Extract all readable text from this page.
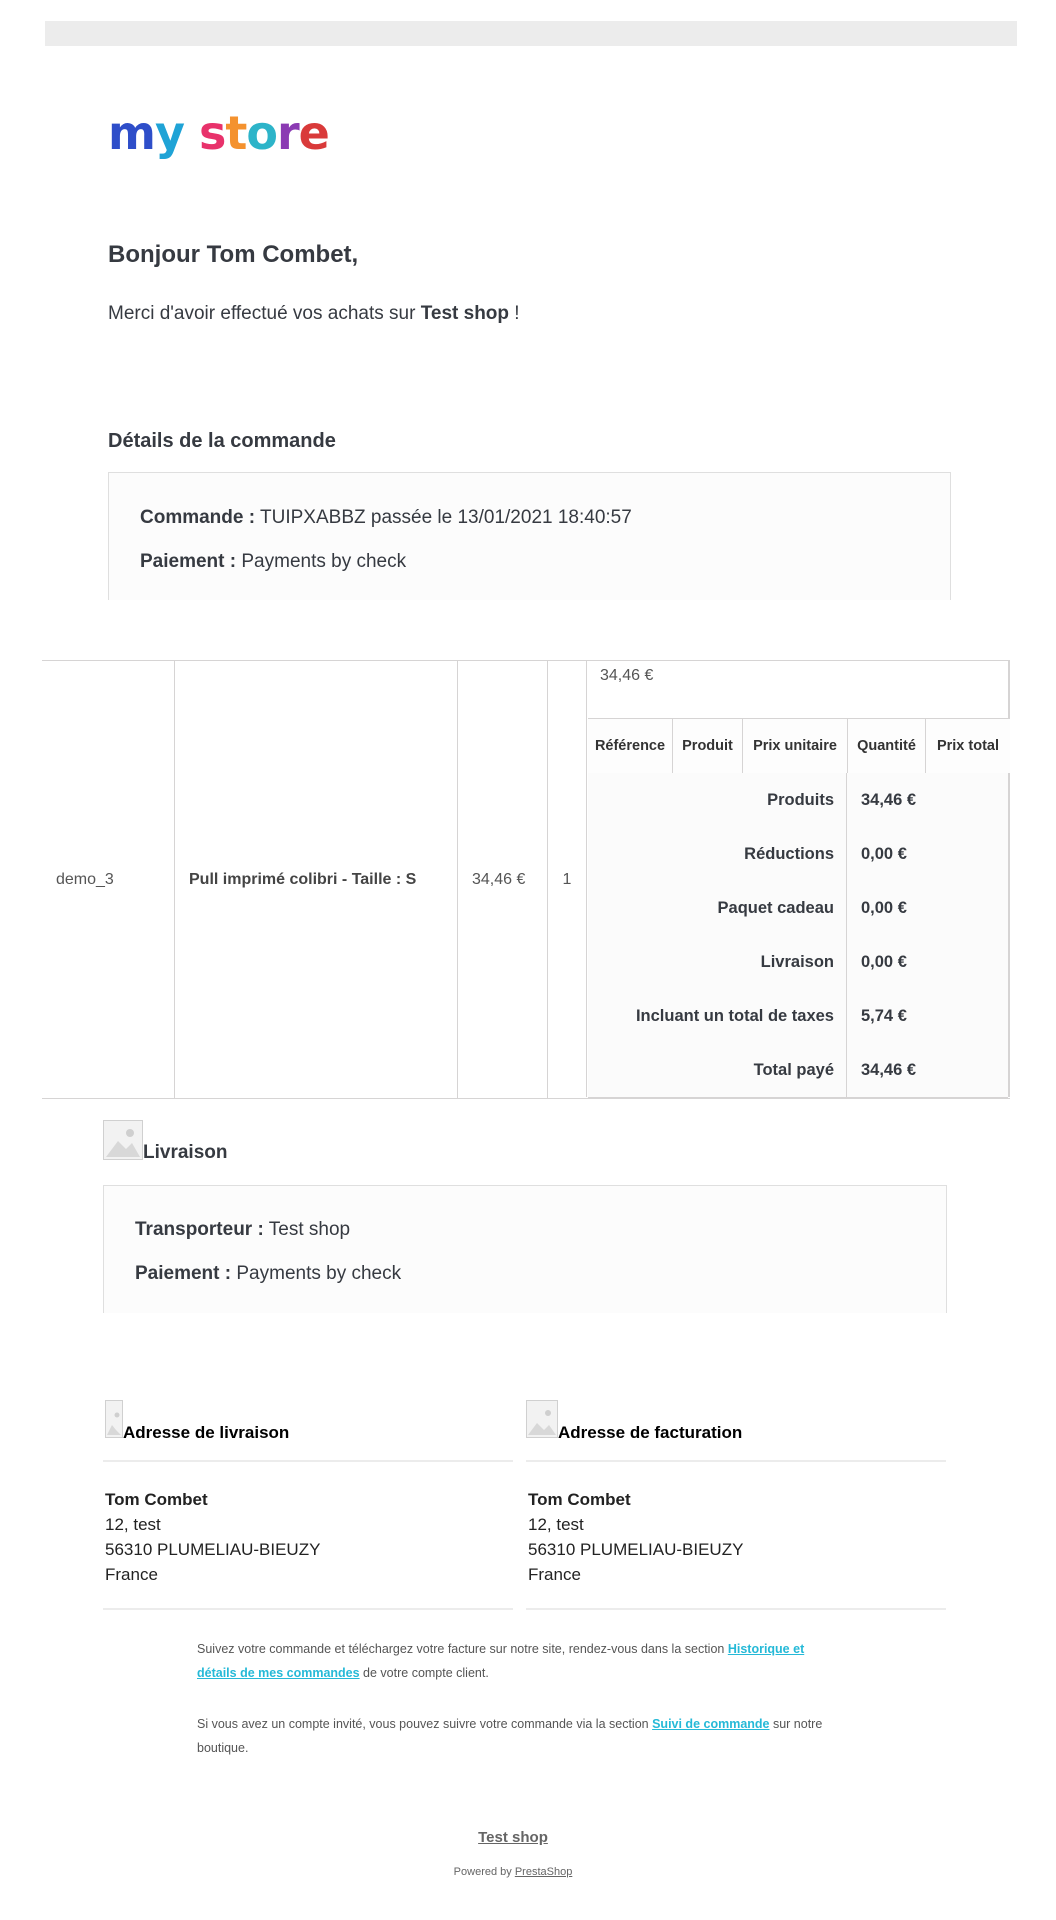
my store
Bonjour Tom Combet,
Merci d'avoir effectué vos achats sur Test shop !
Détails de la commande
Commande : TUIPXABBZ passée le 13/01/2021 18:40:57
Paiement : Payments by check
demo_3	Pull imprimé colibri - Taille : S	34,46 €	1
34,46 €
Référence	Produit	Prix unitaire	Quantité	Prix total
Produits	34,46 €
Réductions	0,00 €
Paquet cadeau	0,00 €
Livraison	0,00 €
Incluant un total de taxes	5,74 €
Total payé	34,46 €
Livraison
Transporteur : Test shop
Paiement : Payments by check
Adresse de livraison
Tom Combet
12, test
56310 PLUMELIAU-BIEUZY
France
Adresse de facturation
Tom Combet
12, test
56310 PLUMELIAU-BIEUZY
France
Suivez votre commande et téléchargez votre facture sur notre site, rendez-vous dans la section Historique et détails de mes commandes de votre compte client.
Si vous avez un compte invité, vous pouvez suivre votre commande via la section Suivi de commande sur notre boutique.
Test shop
Powered by PrestaShop
